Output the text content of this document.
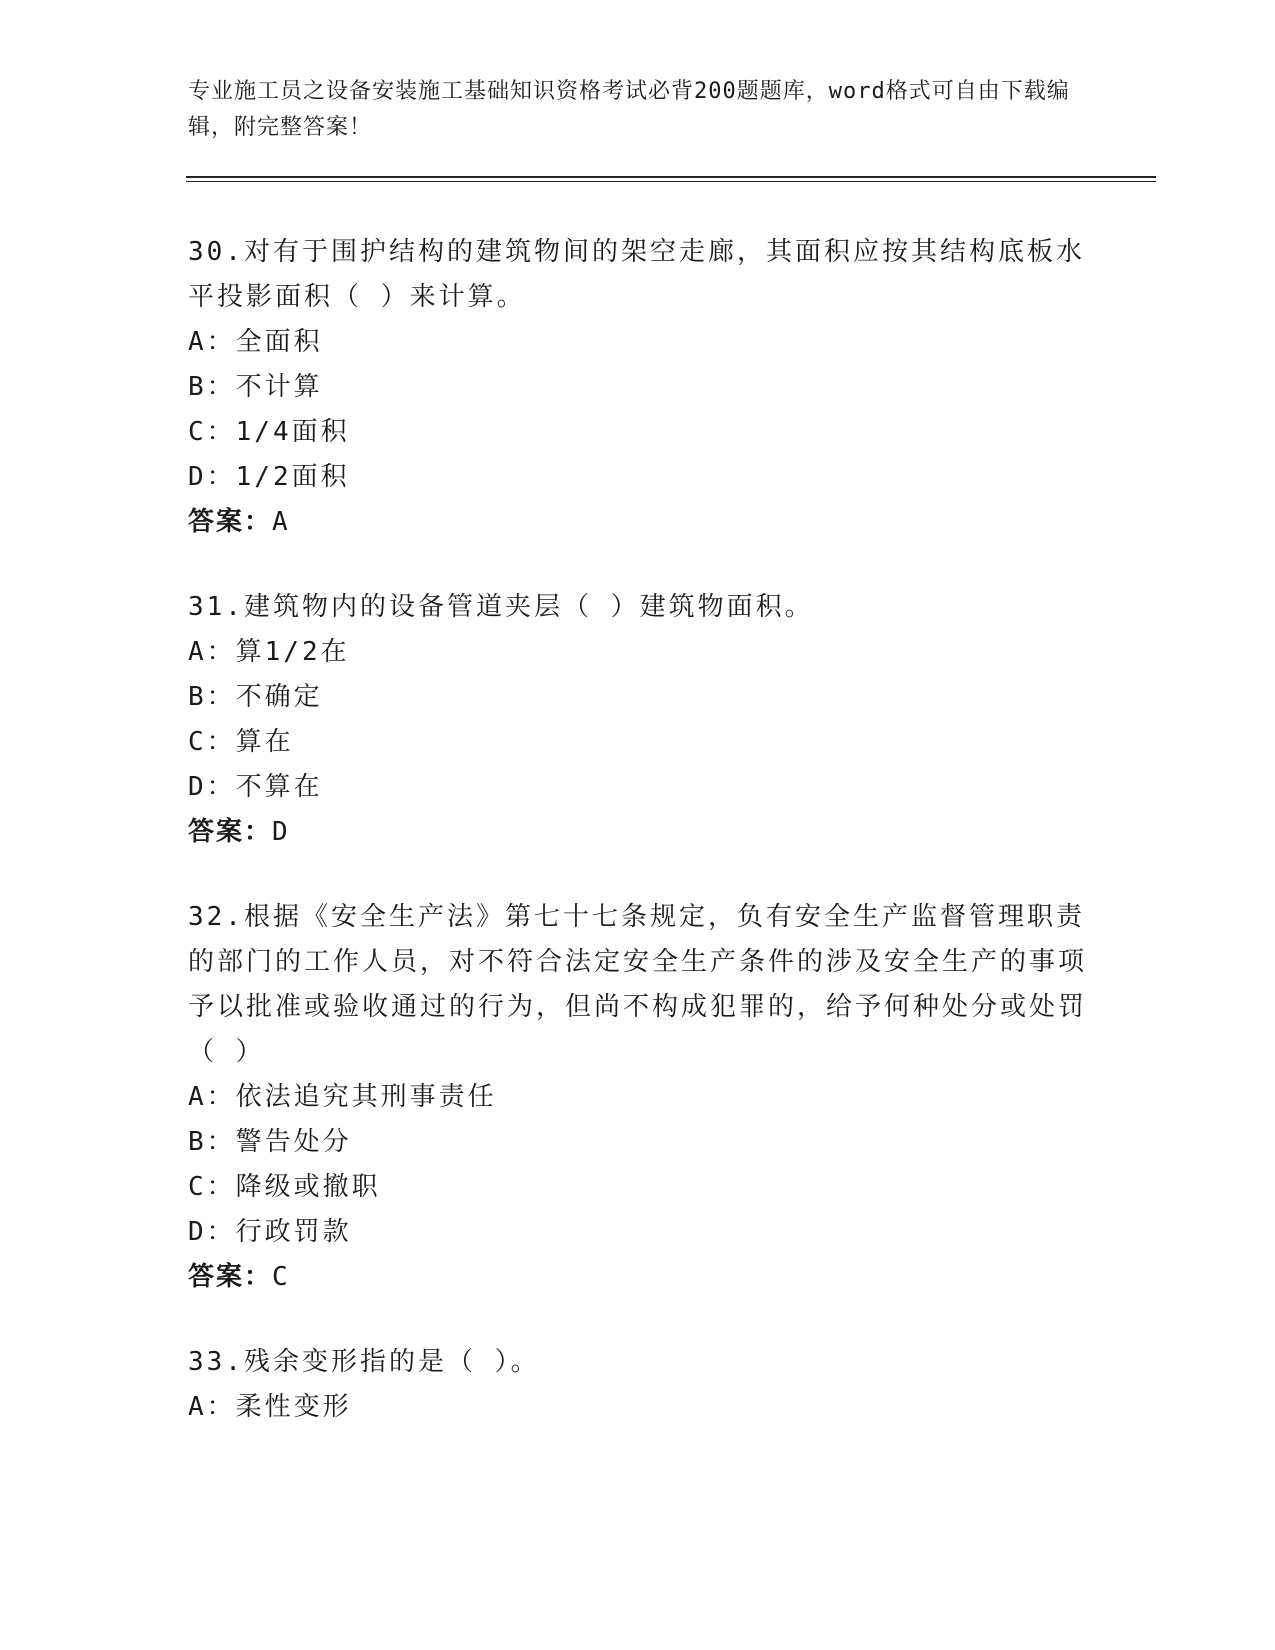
专业施工员之设备安装施工基础知识资格考试必背200题题库，word格式可自由下载编辑，附完整答案！
30.对有于围护结构的建筑物间的架空走廊，其面积应按其结构底板水平投影面积（ ）来计算。
A：全面积
B：不计算
C：1/4面积
D：1/2面积
答案：A
31.建筑物内的设备管道夹层（ ）建筑物面积。
A：算1/2在
B：不确定
C：算在
D：不算在
答案：D
32.根据《安全生产法》第七十七条规定，负有安全生产监督管理职责的部门的工作人员，对不符合法定安全生产条件的涉及安全生产的事项予以批准或验收通过的行为，但尚不构成犯罪的，给予何种处分或处罚（ ）
A：依法追究其刑事责任
B：警告处分
C：降级或撤职
D：行政罚款
答案：C
33.残余变形指的是（ ）。
A：柔性变形
